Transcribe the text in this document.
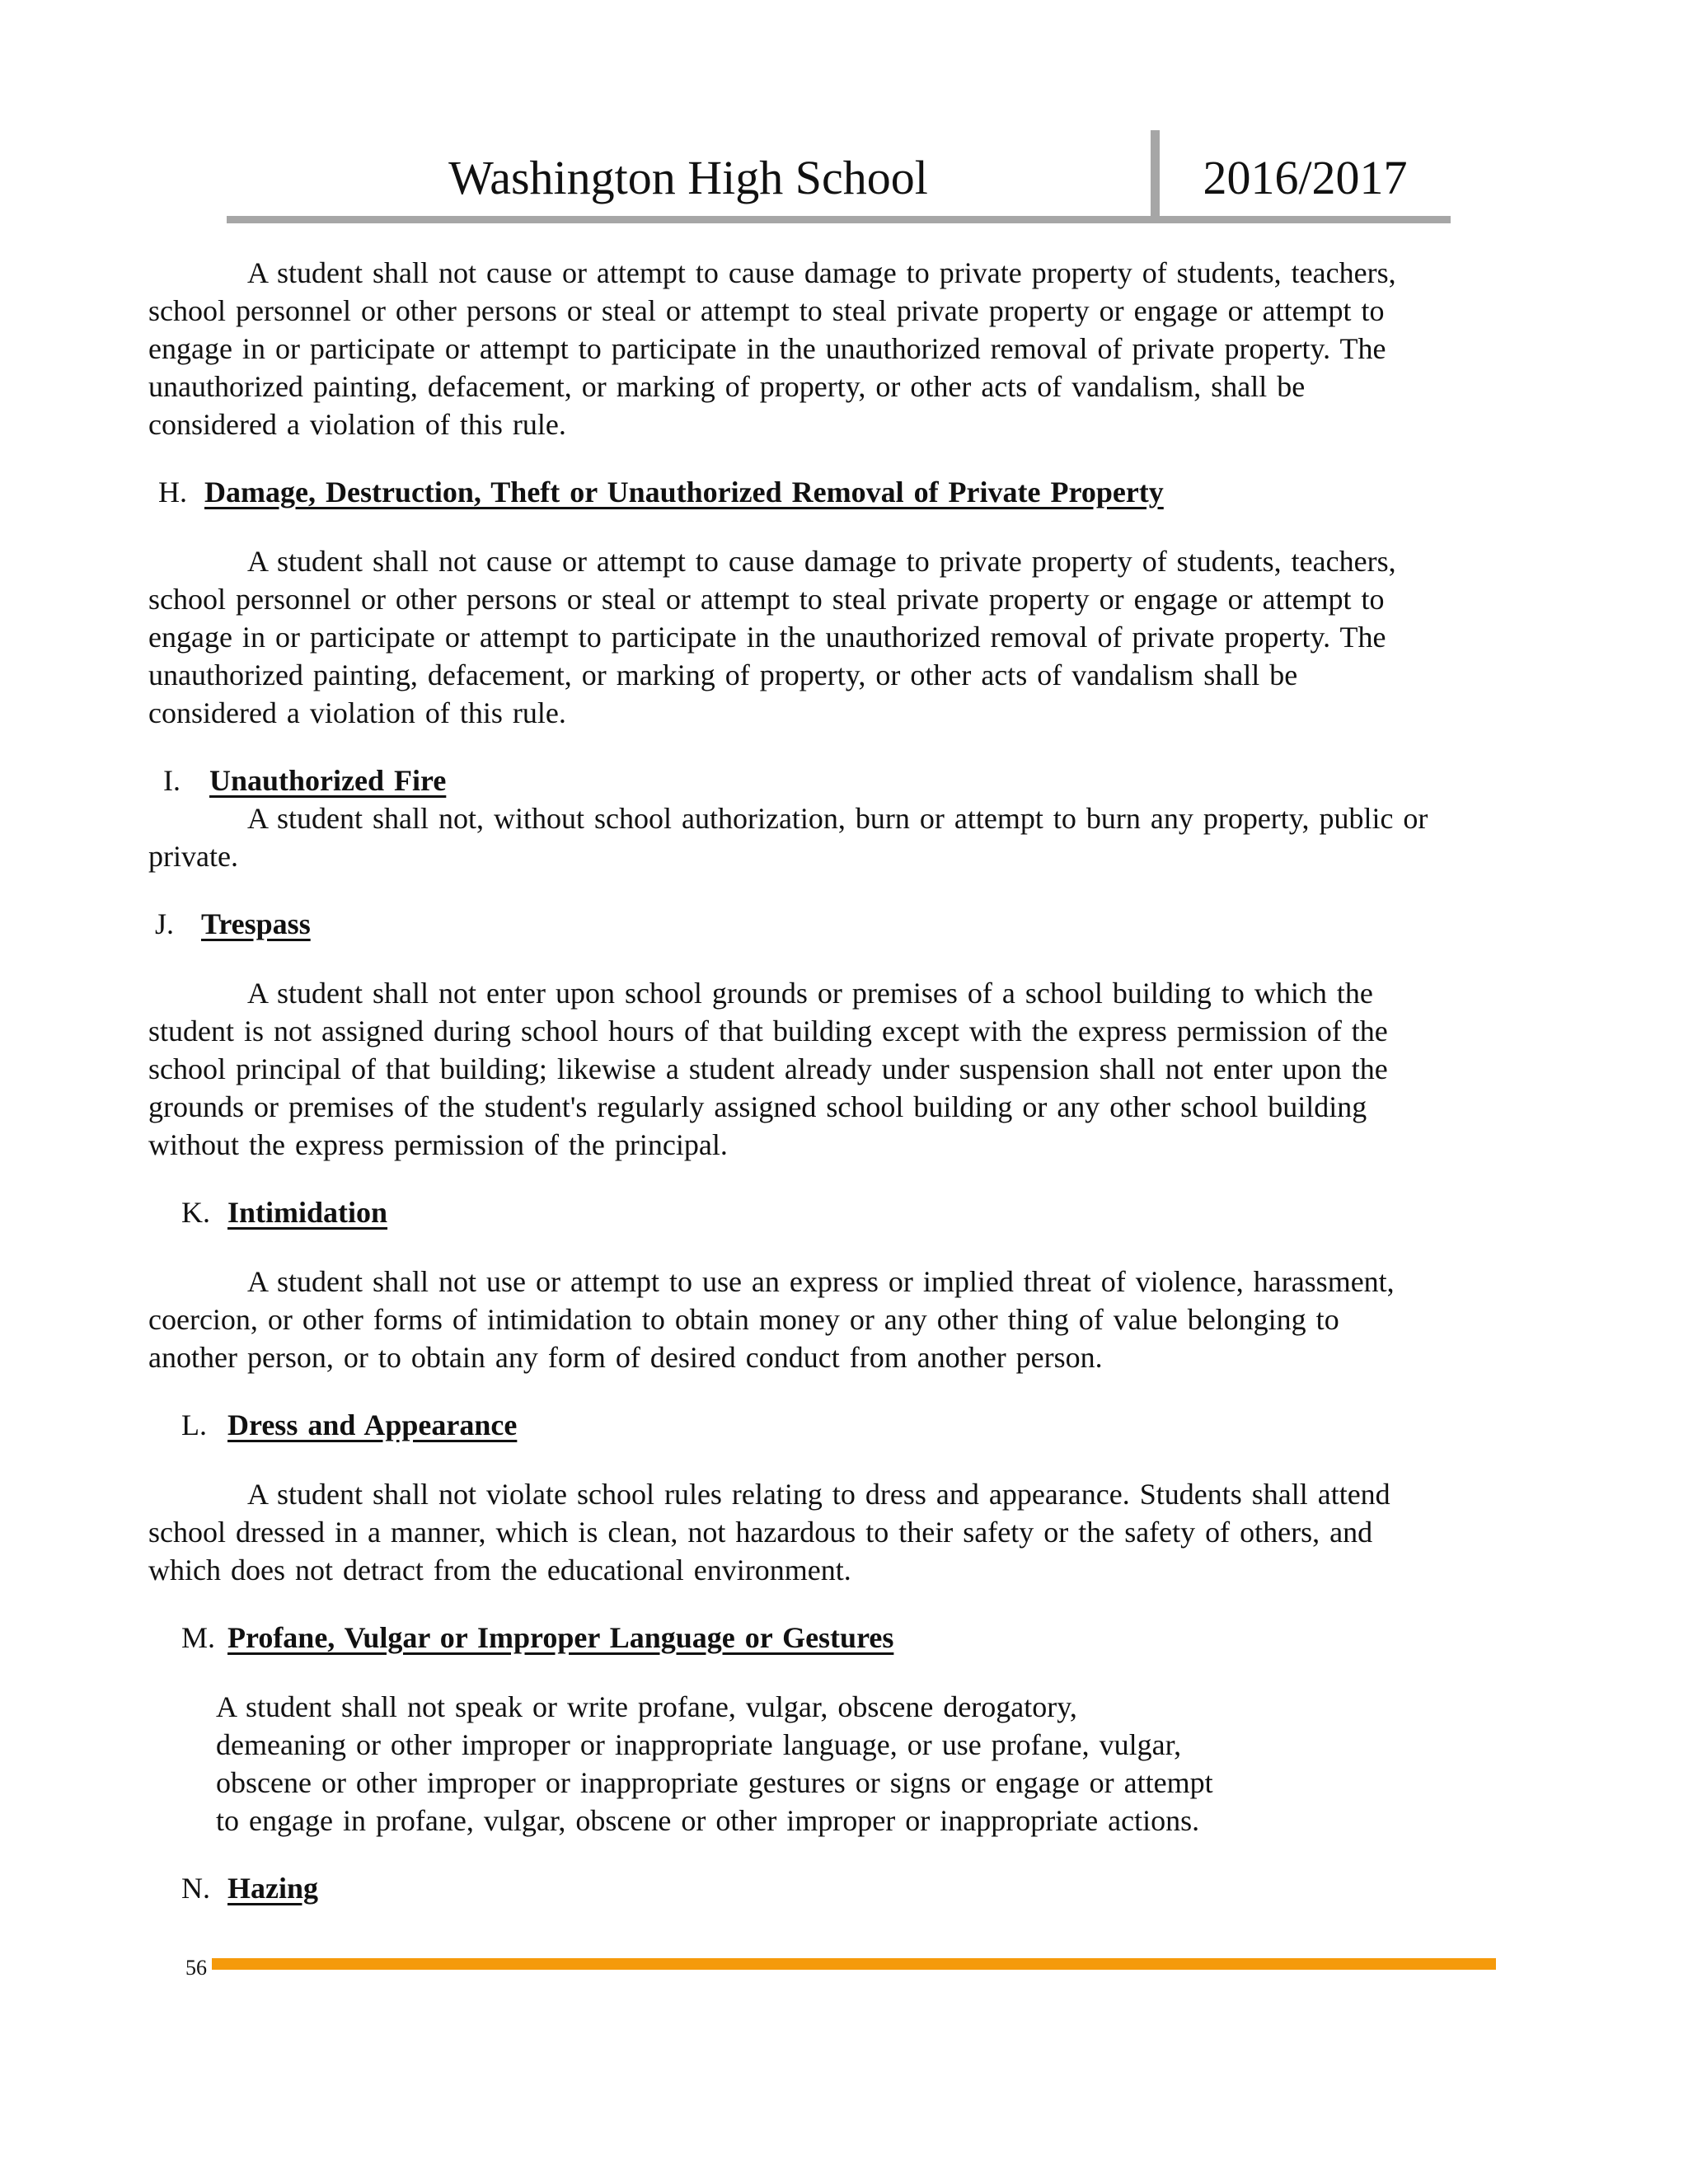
Washington High School	2016/2017
A student shall not cause or attempt to cause damage to private property of students, teachers,
school personnel or other persons or steal or attempt to steal private property or engage or attempt to
engage in or participate or attempt to participate in the unauthorized removal of private property. The
unauthorized painting, defacement, or marking of property, or other acts of vandalism, shall be
considered a violation of this rule.
H. Damage, Destruction, Theft or Unauthorized Removal of Private Property
A student shall not cause or attempt to cause damage to private property of students, teachers,
school personnel or other persons or steal or attempt to steal private property or engage or attempt to
engage in or participate or attempt to participate in the unauthorized removal of private property. The
unauthorized painting, defacement, or marking of property, or other acts of vandalism shall be
considered a violation of this rule.
I. Unauthorized Fire
A student shall not, without school authorization, burn or attempt to burn any property, public or
private.
J. Trespass
A student shall not enter upon school grounds or premises of a school building to which the
student is not assigned during school hours of that building except with the express permission of the
school principal of that building; likewise a student already under suspension shall not enter upon the
grounds or premises of the student's regularly assigned school building or any other school building
without the express permission of the principal.
K. Intimidation
A student shall not use or attempt to use an express or implied threat of violence, harassment,
coercion, or other forms of intimidation to obtain money or any other thing of value belonging to
another person, or to obtain any form of desired conduct from another person.
L. Dress and Appearance
A student shall not violate school rules relating to dress and appearance. Students shall attend
school dressed in a manner, which is clean, not hazardous to their safety or the safety of others, and
which does not detract from the educational environment.
M. Profane, Vulgar or Improper Language or Gestures
A student shall not speak or write profane, vulgar, obscene derogatory,
demeaning or other improper or inappropriate language, or use profane, vulgar,
obscene or other improper or inappropriate gestures or signs or engage or attempt
to engage in profane, vulgar, obscene or other improper or inappropriate actions.
N. Hazing
56
